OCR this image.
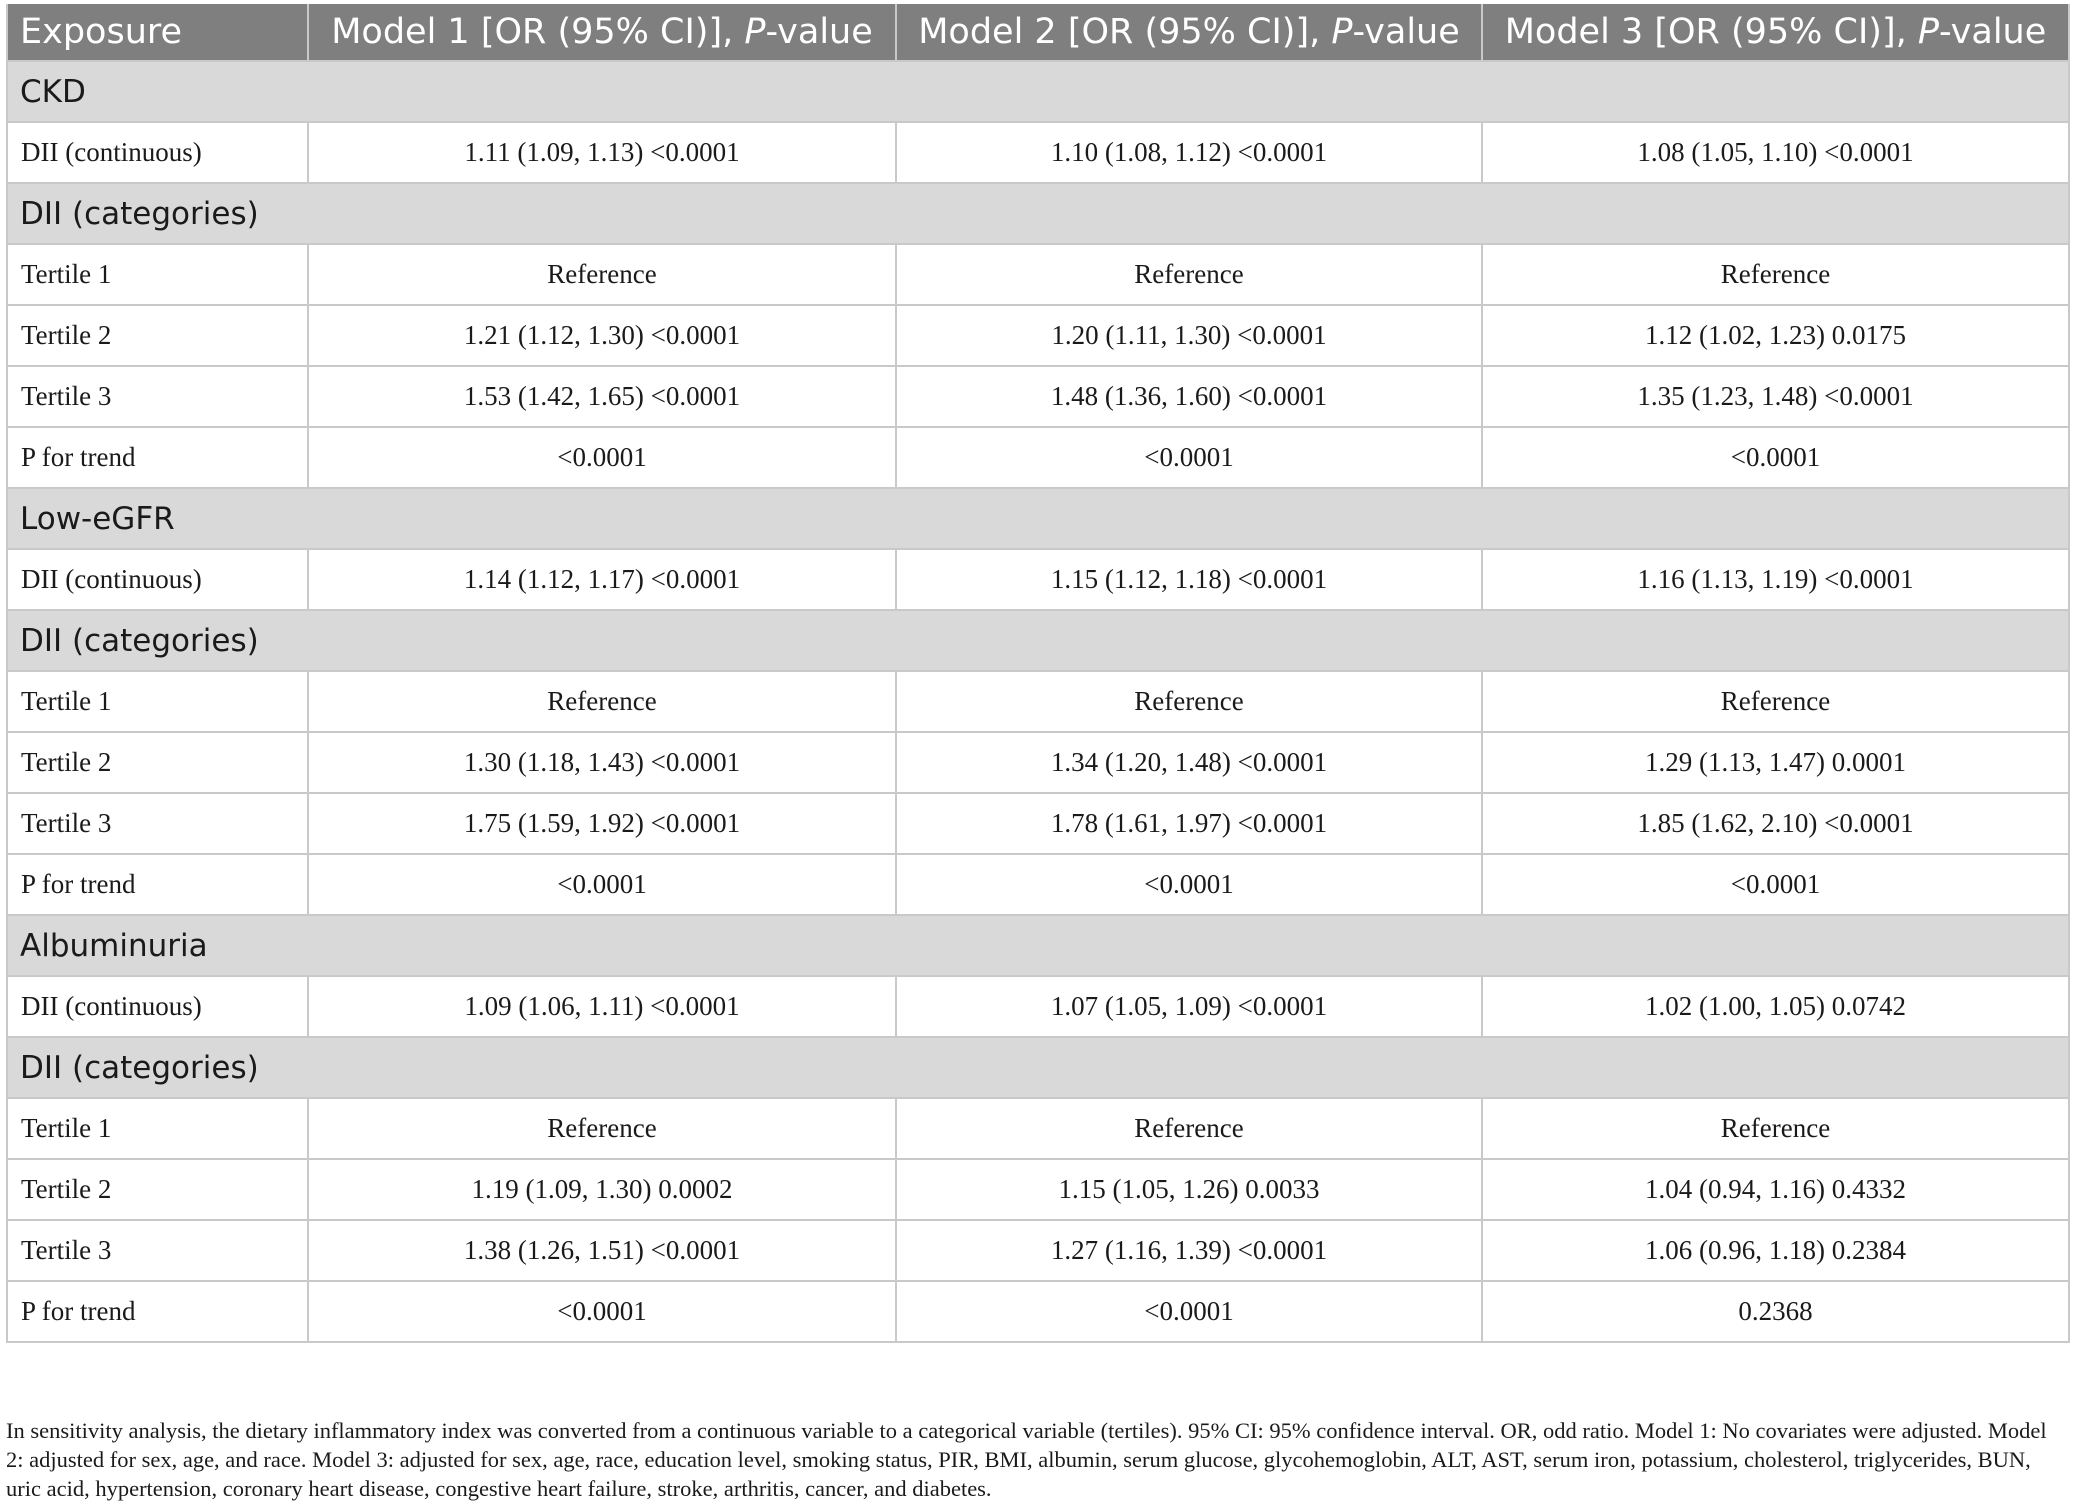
Exposure	Model 1 [OR (95% CI)], P-value	Model 2 [OR (95% CI)], P-value	Model 3 [OR (95% CI)], P-value
CKD			
DII (continuous)	1.11 (1.09, 1.13) <0.0001	1.10 (1.08, 1.12) <0.0001	1.08 (1.05, 1.10) <0.0001
DII (categories)			
Tertile 1	Reference	Reference	Reference
Tertile 2	1.21 (1.12, 1.30) <0.0001	1.20 (1.11, 1.30) <0.0001	1.12 (1.02, 1.23) 0.0175
Tertile 3	1.53 (1.42, 1.65) <0.0001	1.48 (1.36, 1.60) <0.0001	1.35 (1.23, 1.48) <0.0001
P for trend	<0.0001	<0.0001	<0.0001
Low-eGFR			
DII (continuous)	1.14 (1.12, 1.17) <0.0001	1.15 (1.12, 1.18) <0.0001	1.16 (1.13, 1.19) <0.0001
DII (categories)			
Tertile 1	Reference	Reference	Reference
Tertile 2	1.30 (1.18, 1.43) <0.0001	1.34 (1.20, 1.48) <0.0001	1.29 (1.13, 1.47) 0.0001
Tertile 3	1.75 (1.59, 1.92) <0.0001	1.78 (1.61, 1.97) <0.0001	1.85 (1.62, 2.10) <0.0001
P for trend	<0.0001	<0.0001	<0.0001
Albuminuria			
DII (continuous)	1.09 (1.06, 1.11) <0.0001	1.07 (1.05, 1.09) <0.0001	1.02 (1.00, 1.05) 0.0742
DII (categories)			
Tertile 1	Reference	Reference	Reference
Tertile 2	1.19 (1.09, 1.30) 0.0002	1.15 (1.05, 1.26) 0.0033	1.04 (0.94, 1.16) 0.4332
Tertile 3	1.38 (1.26, 1.51) <0.0001	1.27 (1.16, 1.39) <0.0001	1.06 (0.96, 1.18) 0.2384
P for trend	<0.0001	<0.0001	0.2368
In sensitivity analysis, the dietary inflammatory index was converted from a continuous variable to a categorical variable (tertiles). 95% CI: 95% confidence interval. OR, odd ratio. Model 1: No covariates were adjusted. Model 2: adjusted for sex, age, and race. Model 3: adjusted for sex, age, race, education level, smoking status, PIR, BMI, albumin, serum glucose, glycohemoglobin, ALT, AST, serum iron, potassium, cholesterol, triglycerides, BUN, uric acid, hypertension, coronary heart disease, congestive heart failure, stroke, arthritis, cancer, and diabetes.
